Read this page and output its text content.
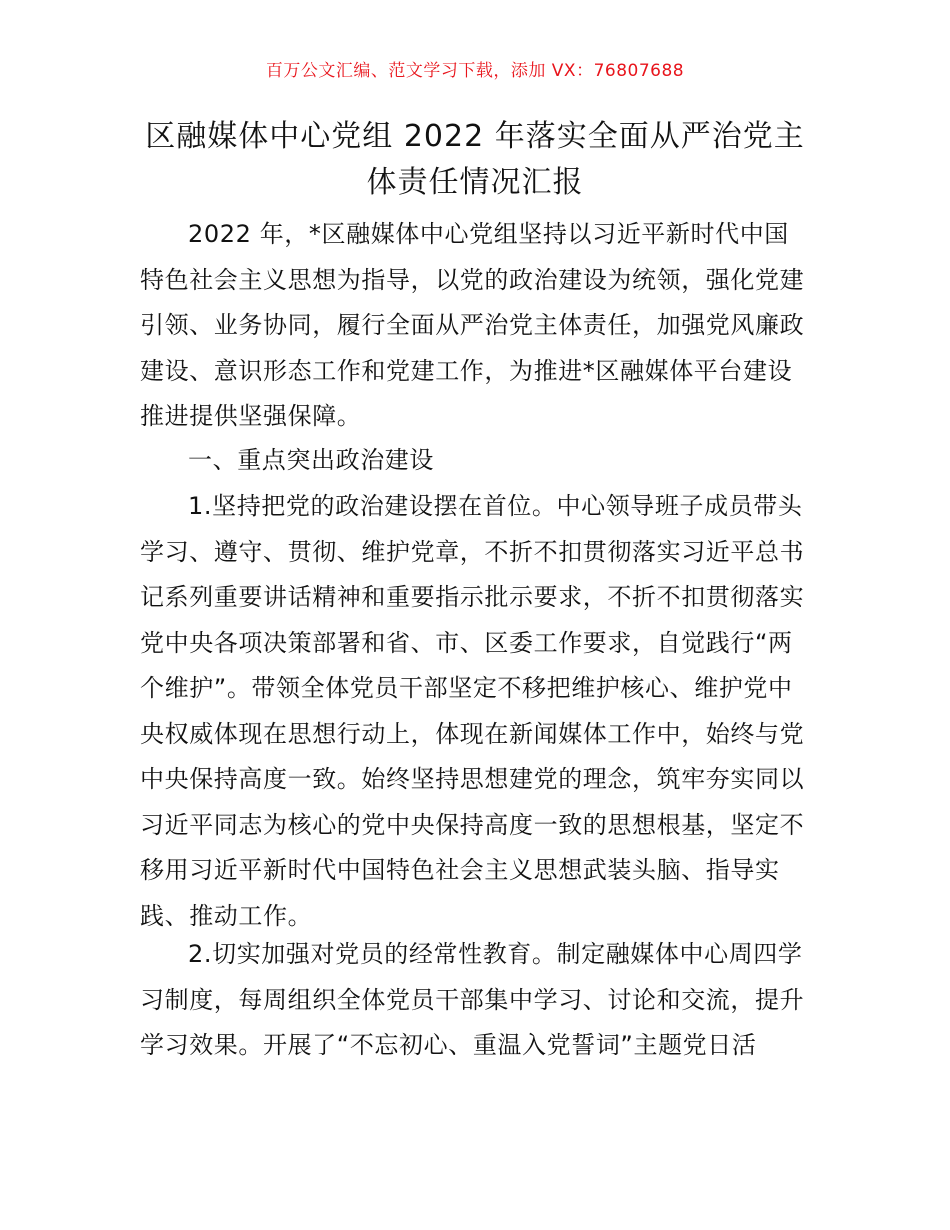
百万公文汇编、范文学习下载，添加 VX：76807688
区融媒体中心党组 2022 年落实全面从严治党主
体责任情况汇报
2022 年，*区融媒体中心党组坚持以习近平新时代中国
特色社会主义思想为指导，以党的政治建设为统领，强化党建
引领、业务协同，履行全面从严治党主体责任，加强党风廉政
建设、意识形态工作和党建工作，为推进*区融媒体平台建设
推进提供坚强保障。
一、重点突出政治建设
1.坚持把党的政治建设摆在首位。中心领导班子成员带头
学习、遵守、贯彻、维护党章，不折不扣贯彻落实习近平总书
记系列重要讲话精神和重要指示批示要求，不折不扣贯彻落实
党中央各项决策部署和省、市、区委工作要求，自觉践行“两
个维护”。带领全体党员干部坚定不移把维护核心、维护党中
央权威体现在思想行动上，体现在新闻媒体工作中，始终与党
中央保持高度一致。始终坚持思想建党的理念，筑牢夯实同以
习近平同志为核心的党中央保持高度一致的思想根基，坚定不
移用习近平新时代中国特色社会主义思想武装头脑、指导实
践、推动工作。
2.切实加强对党员的经常性教育。制定融媒体中心周四学
习制度，每周组织全体党员干部集中学习、讨论和交流，提升
学习效果。开展了“不忘初心、重温入党誓词”主题党日活
